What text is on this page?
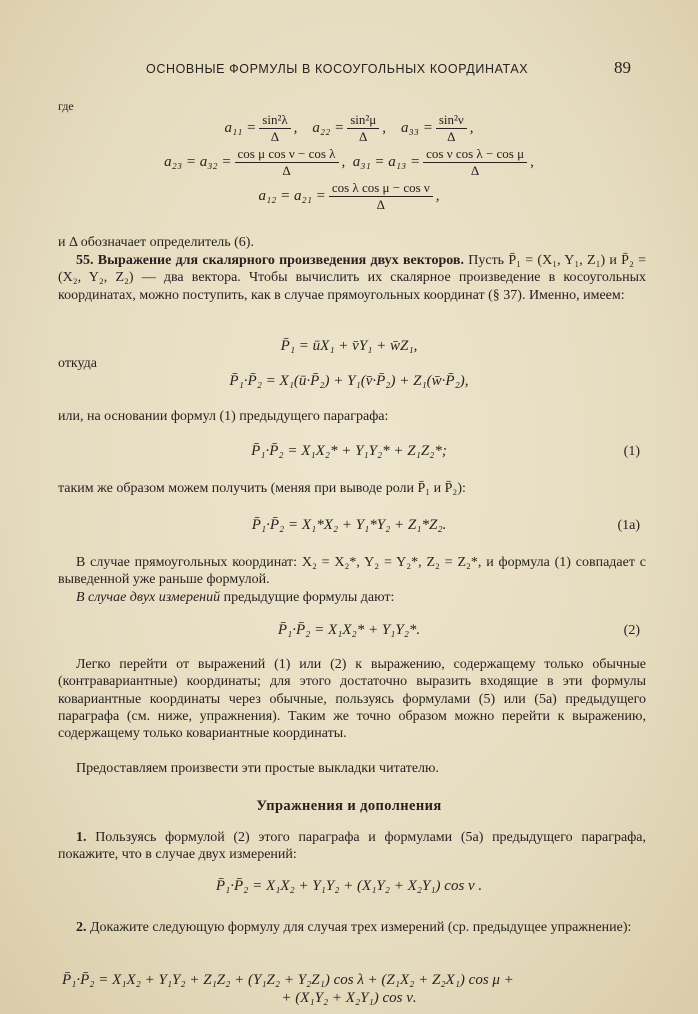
ОСНОВНЫЕ ФОРМУЛЫ В КОСОУГОЛЬНЫХ КООРДИНАТАХ	89
где
$a_{11} = \frac{\text{sin²λ}}{\Delta}$ , $a_{22} = \frac{\text{sin²μ}}{\Delta}$ , $a_{33} = \frac{\text{sin²ν}}{\Delta}$ ,
$a_{23} = a_{32} = \frac{\text{cos μ cos ν − cos λ}}{\Delta}$ , $a_{31} = a_{13} = \frac{\text{cos ν cos λ − cos μ}}{\Delta}$ ,
$a_{12} = a_{21} = \frac{\text{cos λ cos μ − cos ν}}{\Delta}$ ,
и Δ обозначает определитель (6).
55. Выражение для скалярного произведения двух векторов. Пусть P̄₁ = (X₁, Y₁, Z₁) и P̄₂ = (X₂, Y₂, Z₂) — два вектора. Чтобы вычислить их скалярное произведение в косоугольных координатах, можно поступить, как в случае прямоугольных координат (§ 37). Именно, имеем:
P̄₁ = ūX₁ + v̄Y₁ + w̄Z₁,
откуда
P̄₁·P̄₂ = X₁(ū·P̄₂) + Y₁(v̄·P̄₂) + Z₁(w̄·P̄₂),
или, на основании формул (1) предыдущего параграфа:
P̄₁·P̄₂ = X₁X₂* + Y₁Y₂* + Z₁Z₂*;	(1)
таким же образом можем получить (меняя при выводе роли P̄₁ и P̄₂):
P̄₁·P̄₂ = X₁*X₂ + Y₁*Y₂ + Z₁*Z₂.	(1a)
В случае прямоугольных координат: X₂ = X₂*, Y₂ = Y₂*, Z₂ = Z₂*, и формула (1) совпадает с выведенной уже раньше формулой.
В случае двух измерений предыдущие формулы дают:
P̄₁·P̄₂ = X₁X₂* + Y₁Y₂*.	(2)
Легко перейти от выражений (1) или (2) к выражению, содержащему только обычные (контравариантные) координаты; для этого достаточно выразить входящие в эти формулы ковариантные координаты через обычные, пользуясь формулами (5) или (5a) предыдущего параграфа (см. ниже, упражнения). Таким же точно образом можно перейти к выражению, содержащему только ковариантные координаты.
Предоставляем произвести эти простые выкладки читателю.
Упражнения и дополнения
1. Пользуясь формулой (2) этого параграфа и формулами (5a) предыдущего параграфа, покажите, что в случае двух измерений:
P̄₁·P̄₂ = X₁X₂ + Y₁Y₂ + (X₁Y₂ + X₂Y₁) cos ν .
2. Докажите следующую формулу для случая трех измерений (ср. предыдущее упражнение):
P̄₁·P̄₂ = X₁X₂ + Y₁Y₂ + Z₁Z₂ + (Y₁Z₂ + Y₂Z₁) cos λ + (Z₁X₂ + Z₂X₁) cos μ +
+ (X₁Y₂ + X₂Y₁) cos ν.
